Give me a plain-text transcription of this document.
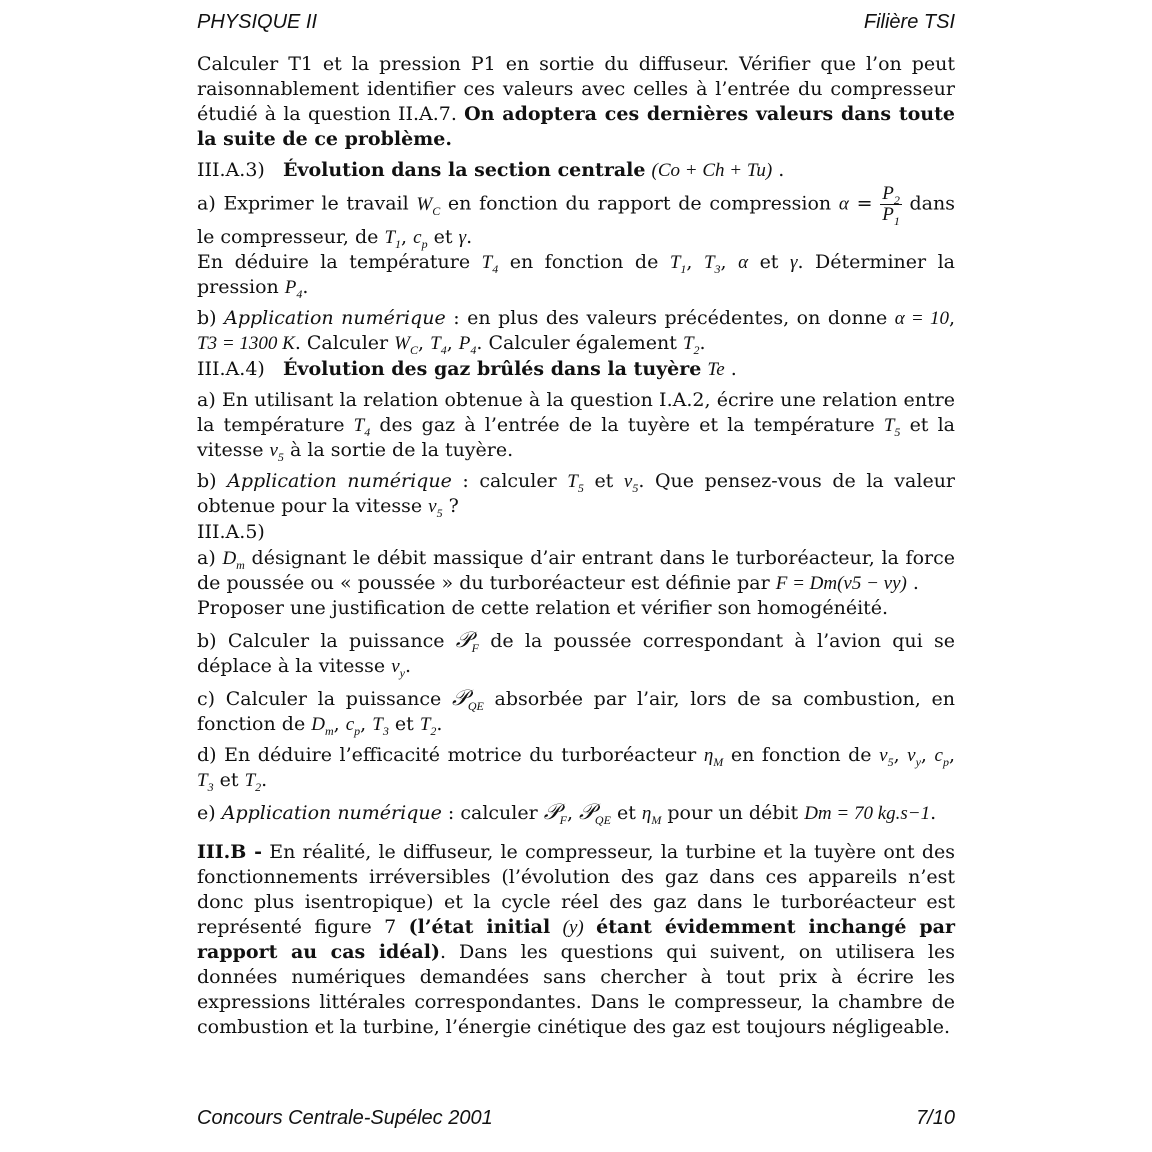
PHYSIQUE II	Filière TSI

Calculer T1 et la pression P1 en sortie du diffuseur. Vérifier que l’on peut raisonnablement identifier ces valeurs avec celles à l’entrée du compresseur étudié à la question II.A.7. On adoptera ces dernières valeurs dans toute la suite de ce problème.

III.A.3) Évolution dans la section centrale (Co + Ch + Tu) .

a) Exprimer le travail $W_C$ en fonction du rapport de compression $\alpha = \frac{P_2}{P_1}$ dans le compresseur, de $T_1$, $c_p$ et γ.
En déduire la température $T_4$ en fonction de $T_1$, $T_3$, α et γ. Déterminer la pression $P_4$.

b) Application numérique : en plus des valeurs précédentes, on donne α = 10, T3 = 1300 K. Calculer $W_C$, $T_4$, $P_4$. Calculer également $T_2$.

III.A.4) Évolution des gaz brûlés dans la tuyère Te .

a) En utilisant la relation obtenue à la question I.A.2, écrire une relation entre la température $T_4$ des gaz à l’entrée de la tuyère et la température $T_5$ et la vitesse $v_5$ à la sortie de la tuyère.

b) Application numérique : calculer $T_5$ et $v_5$. Que pensez-vous de la valeur obtenue pour la vitesse $v_5$ ?

III.A.5)

a) $D_m$ désignant le débit massique d’air entrant dans le turboréacteur, la force de poussée ou « poussée » du turboréacteur est définie par F = Dm(v5 − vy) .
Proposer une justification de cette relation et vérifier son homogénéité.

b) Calculer la puissance 𝒫$_F$ de la poussée correspondant à l’avion qui se déplace à la vitesse $v_y$.

c) Calculer la puissance 𝒫$_{QE}$ absorbée par l’air, lors de sa combustion, en fonction de $D_m$, $c_p$, $T_3$ et $T_2$.

d) En déduire l’efficacité motrice du turboréacteur $\eta_M$ en fonction de $v_5$, $v_y$, $c_p$, $T_3$ et $T_2$.

e) Application numérique : calculer 𝒫$_F$, 𝒫$_{QE}$ et $\eta_M$ pour un débit Dm = 70 kg.s−1.

III.B - En réalité, le diffuseur, le compresseur, la turbine et la tuyère ont des fonctionnements irréversibles (l’évolution des gaz dans ces appareils n’est donc plus isentropique) et la cycle réel des gaz dans le turboréacteur est représenté figure 7 (l’état initial (y) étant évidemment inchangé par rapport au cas idéal). Dans les questions qui suivent, on utilisera les données numériques demandées sans chercher à tout prix à écrire les expressions littérales correspondantes. Dans le compresseur, la chambre de combustion et la turbine, l’énergie cinétique des gaz est toujours négligeable.

Concours Centrale-Supélec 2001	7/10
